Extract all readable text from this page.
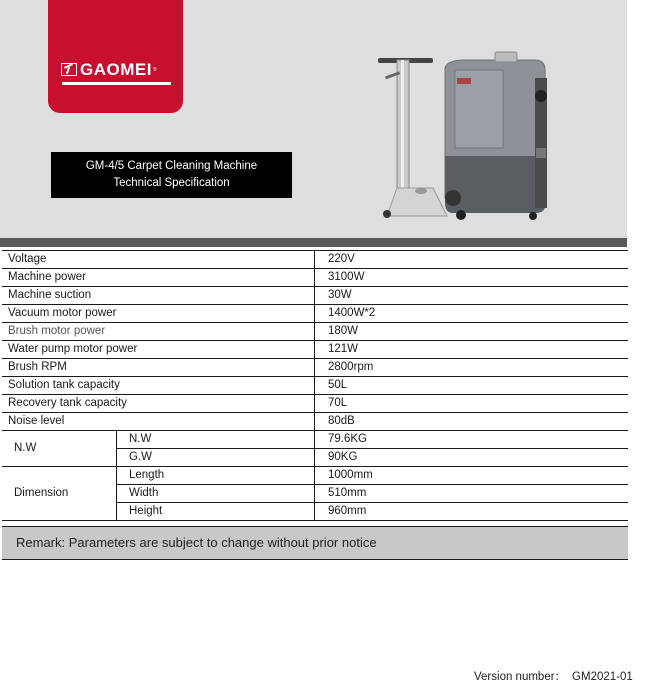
GAOMEI ®
GM-4/5 Carpet Cleaning Machine
Technical Specification
Voltage		220V
Machine power		3100W
Machine suction		30W
Vacuum motor power		1400W*2
Brush motor power		180W
Water pump motor power		121W
Brush RPM		2800rpm
Solution tank capacity		50L
Recovery tank capacity		70L
Noise level		80dB
N.W	N.W	79.6KG
	G.W	90KG
Dimension	Length	1000mm
	Width	510mm
	Height	960mm
Remark: Parameters are subject to change without prior notice
Version number： GM2021-01
